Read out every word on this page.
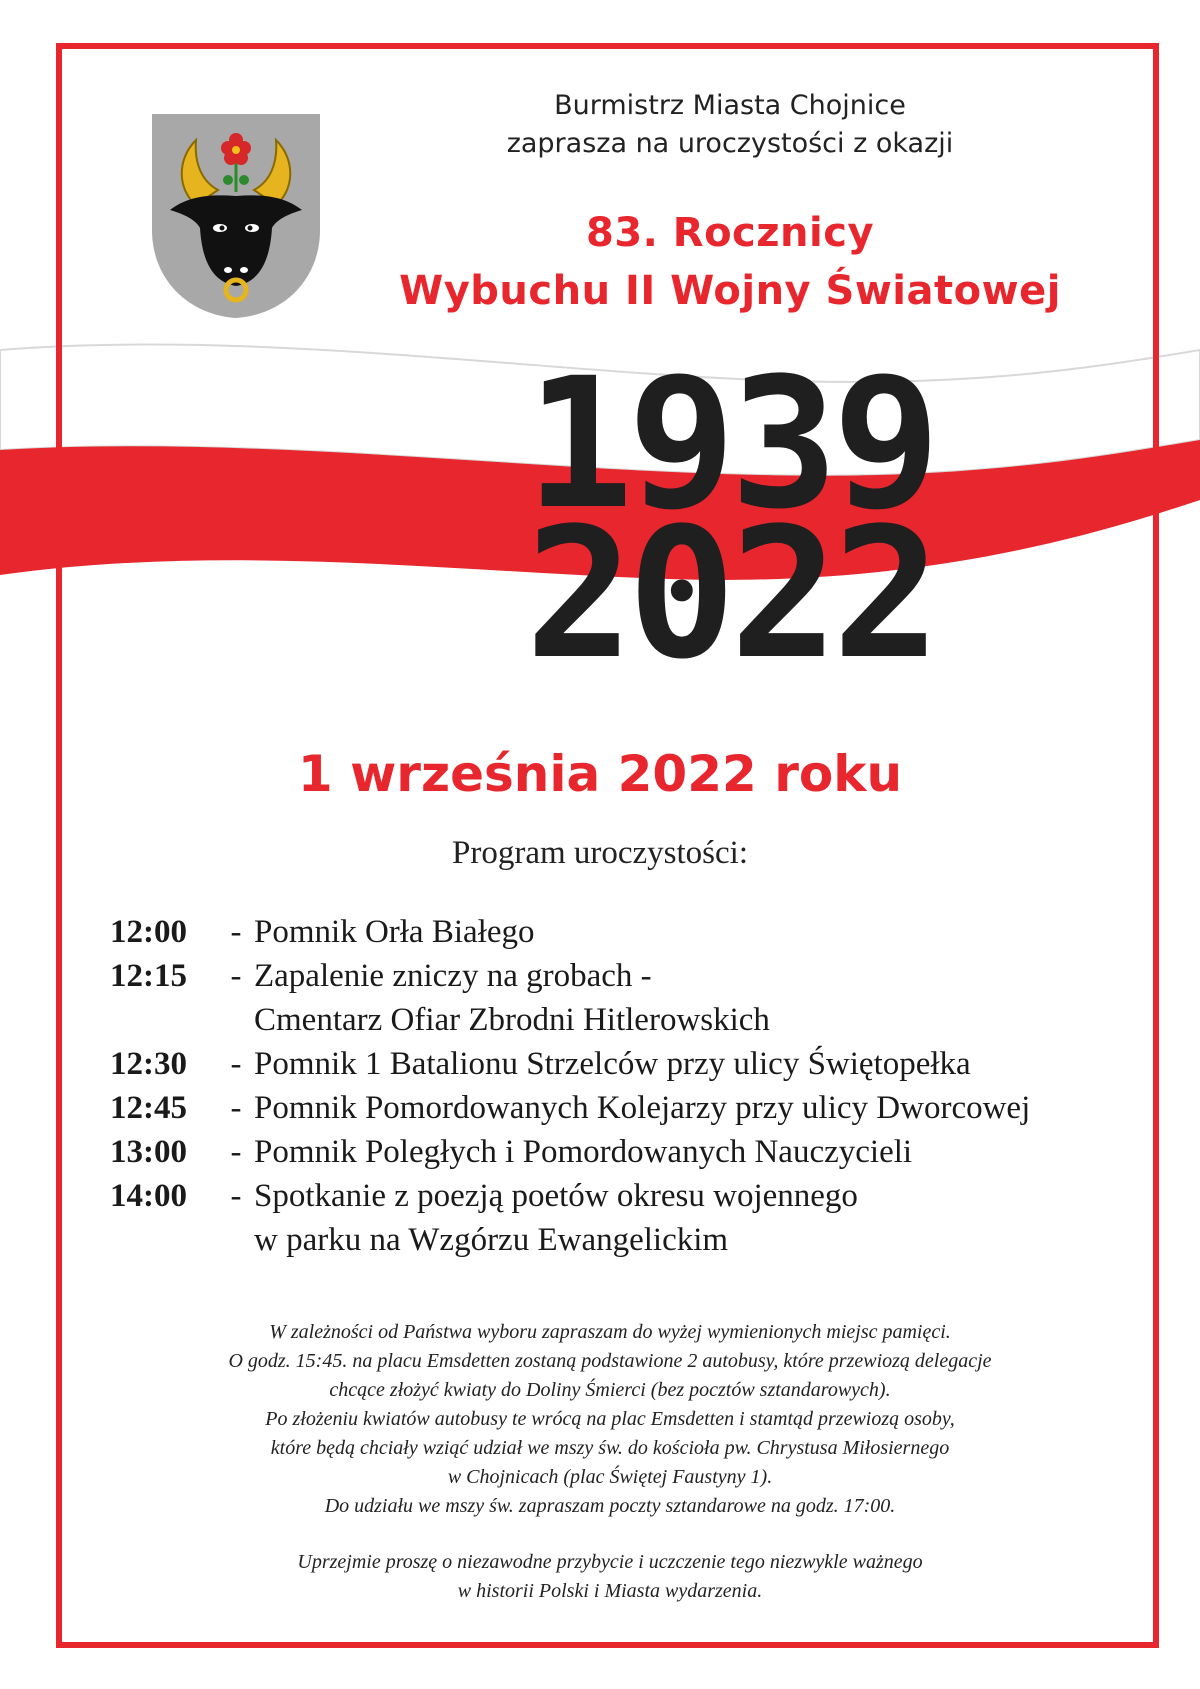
Burmistrz Miasta Chojnice
zaprasza na uroczystości z okazji
83. Rocznicy
Wybuchu II Wojny Światowej
1939
2022
1 września 2022 roku
Program uroczystości:
12:00	- Pomnik Orła Białego
12:15	- Zapalenie zniczy na grobach -
Cmentarz Ofiar Zbrodni Hitlerowskich
12:30	- Pomnik 1 Batalionu Strzelców przy ulicy Świętopełka
12:45	- Pomnik Pomordowanych Kolejarzy przy ulicy Dworcowej
13:00	- Pomnik Poległych i Pomordowanych Nauczycieli
14:00	- Spotkanie z poezją poetów okresu wojennego
w parku na Wzgórzu Ewangelickim
W zależności od Państwa wyboru zapraszam do wyżej wymienionych miejsc pamięci.
O godz. 15:45. na placu Emsdetten zostaną podstawione 2 autobusy, które przewiozą delegacje
chcące złożyć kwiaty do Doliny Śmierci (bez pocztów sztandarowych).
Po złożeniu kwiatów autobusy te wrócą na plac Emsdetten i stamtąd przewiozą osoby,
które będą chciały wziąć udział we mszy św. do kościoła pw. Chrystusa Miłosiernego
w Chojnicach (plac Świętej Faustyny 1).
Do udziału we mszy św. zapraszam poczty sztandarowe na godz. 17:00.
Uprzejmie proszę o niezawodne przybycie i uczczenie tego niezwykle ważnego
w historii Polski i Miasta wydarzenia.
